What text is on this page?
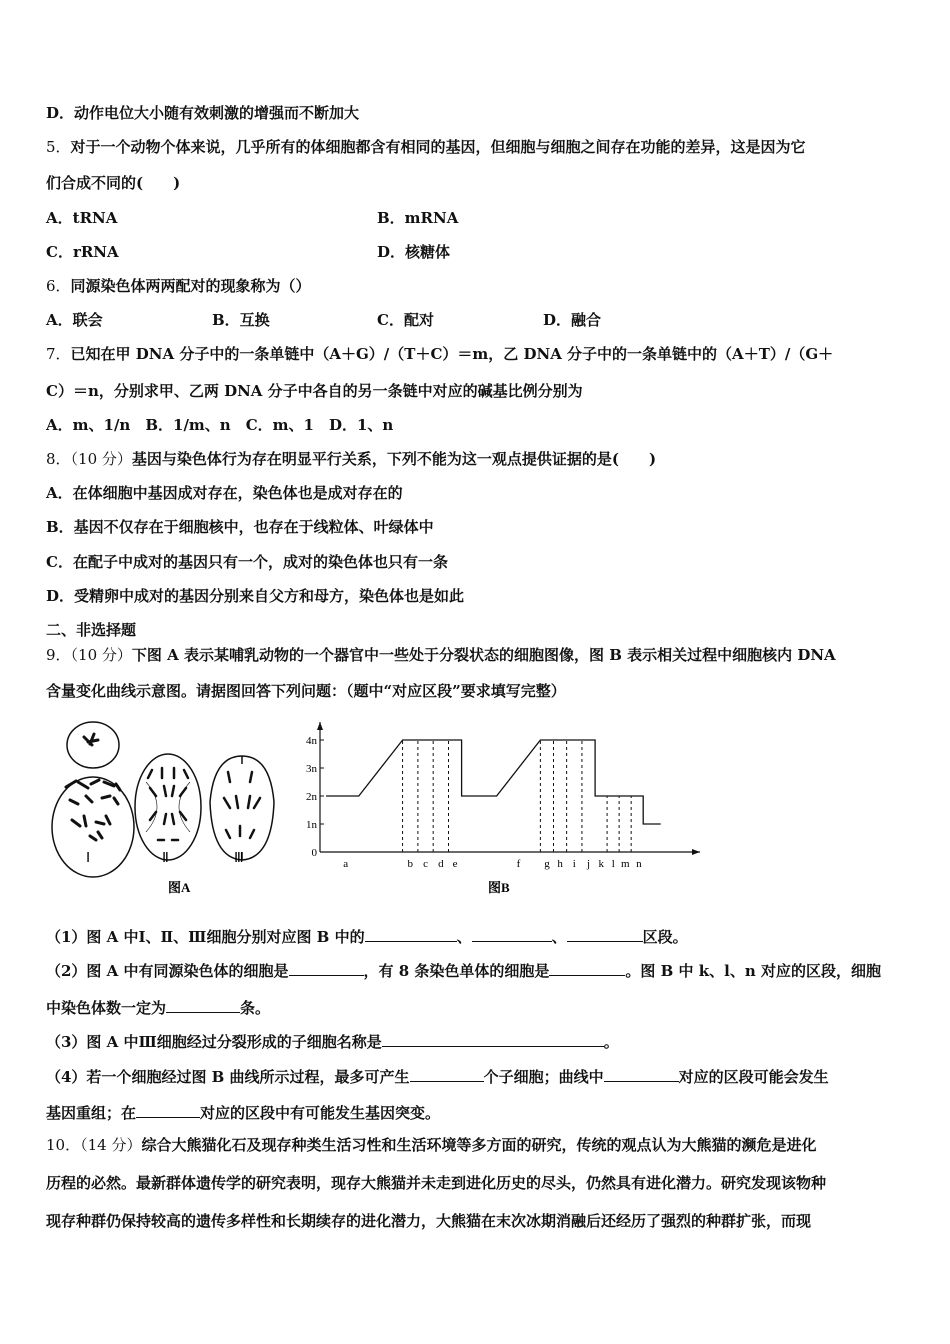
D．动作电位大小随有效刺激的增强而不断加大
5．对于一个动物个体来说，几乎所有的体细胞都含有相同的基因，但细胞与细胞之间存在功能的差异，这是因为它
们合成不同的(　　)
A．tRNA	B．mRNA
C．rRNA	D．核糖体
6．同源染色体两两配对的现象称为（）
A．联会	B．互换	C．配对	D．融合
7．已知在甲 DNA 分子中的一条单链中（A＋G）/（T＋C）＝m，乙 DNA 分子中的一条单链中的（A＋T）/（G＋
C）＝n，分别求甲、乙两 DNA 分子中各自的另一条链中对应的碱基比例分别为
A．m、1/n　B．1/m、n　C．m、1　D．1、n
8．（10 分）基因与染色体行为存在明显平行关系，下列不能为这一观点提供证据的是(　　)
A．在体细胞中基因成对存在，染色体也是成对存在的
B．基因不仅存在于细胞核中，也存在于线粒体、叶绿体中
C．在配子中成对的基因只有一个，成对的染色体也只有一条
D．受精卵中成对的基因分别来自父方和母方，染色体也是如此
二、非选择题
9．（10 分）下图 A 表示某哺乳动物的一个器官中一些处于分裂状态的细胞图像，图 B 表示相关过程中细胞核内 DNA
含量变化曲线示意图。请据图回答下列问题：（题中“对应区段”要求填写完整）
Ⅰ	Ⅱ	Ⅲ
图A
0
1n
2n
3n
4n
a	b c d e	f g h i j k l m n
图B
（1）图 A 中Ⅰ、Ⅱ、Ⅲ细胞分别对应图 B 中的	、	、	区段。
（2）图 A 中有同源染色体的细胞是	，有 8 条染色单体的细胞是	。图 B 中 k、l、n 对应的区段，细胞
中染色体数一定为	条。
（3）图 A 中Ⅲ细胞经过分裂形成的子细胞名称是	。
（4）若一个细胞经过图 B 曲线所示过程，最多可产生	个子细胞；曲线中	对应的区段可能会发生
基因重组；在	对应的区段中有可能发生基因突变。
10．（14 分）综合大熊猫化石及现存种类生活习性和生活环境等多方面的研究，传统的观点认为大熊猫的濒危是进化
历程的必然。最新群体遗传学的研究表明，现存大熊猫并未走到进化历史的尽头，仍然具有进化潜力。研究发现该物种
现存种群仍保持较高的遗传多样性和长期续存的进化潜力，大熊猫在末次冰期消融后还经历了强烈的种群扩张，而现
